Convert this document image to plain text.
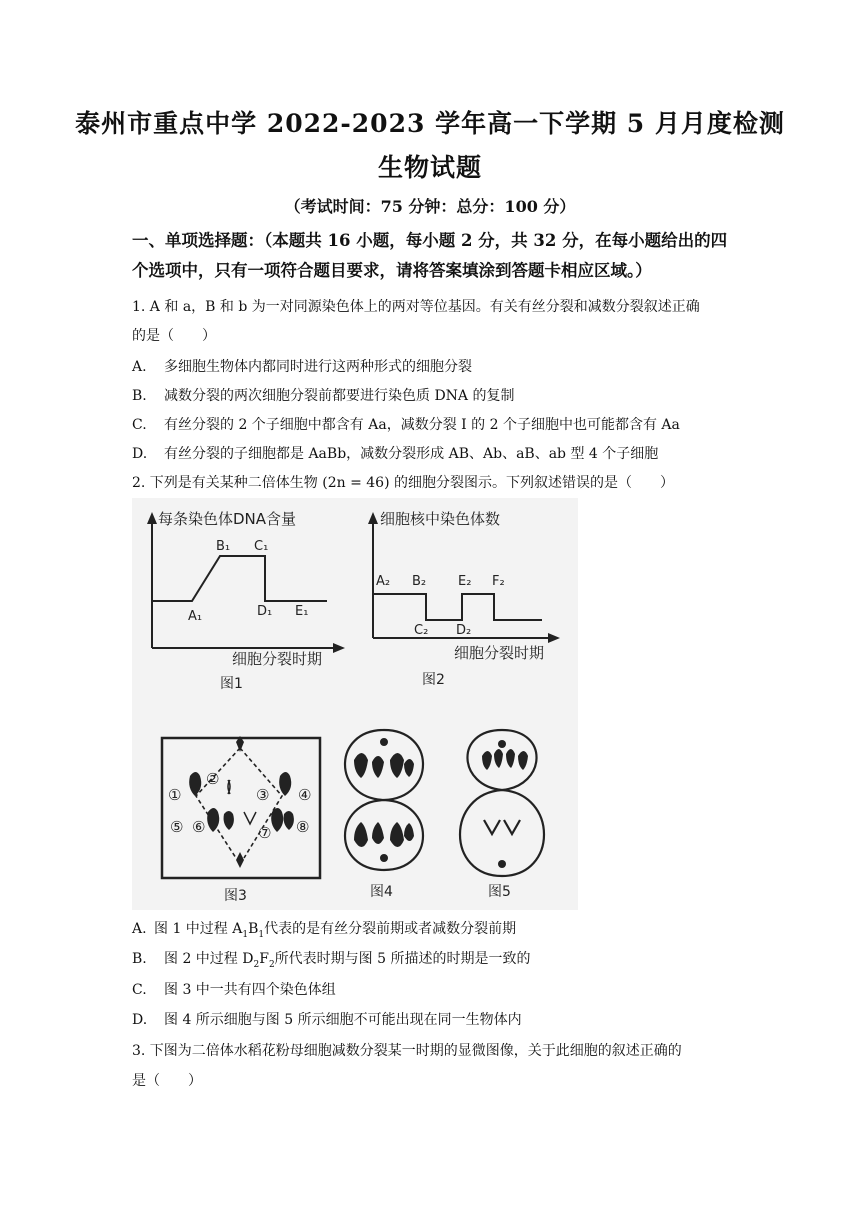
泰州市重点中学 2022-2023 学年高一下学期 5 月月度检测
生物试题
（考试时间：75 分钟：总分：100 分）
一、单项选择题：（本题共 16 小题，每小题 2 分，共 32 分，在每小题给出的四个选项中，只有一项符合题目要求，请将答案填涂到答题卡相应区域。）
1. A 和 a，B 和 b 为一对同源染色体上的两对等位基因。有关有丝分裂和减数分裂叙述正确
的是（　　）
A. 多细胞生物体内都同时进行这两种形式的细胞分裂
B. 减数分裂的两次细胞分裂前都要进行染色质 DNA 的复制
C. 有丝分裂的 2 个子细胞中都含有 Aa，减数分裂 I 的 2 个子细胞中也可能都含有 Aa
D. 有丝分裂的子细胞都是 AaBb，减数分裂形成 AB、Ab、aB、ab 型 4 个子细胞
2. 下列是有关某种二倍体生物 (2n = 46) 的细胞分裂图示。下列叙述错误的是（　　）
每条染色体DNA含量
A₁
B₁ C₁
D₁ E₁
细胞分裂时期
图1
细胞核中染色体数
A₂ B₂
C₂ D₂
E₂ F₂
细胞分裂时期
图2
①
②
③ ④
⑤ ⑥	⑦ ⑧
图3	图4	图5
A. 图 1 中过程 $A_1B_1$代表的是有丝分裂前期或者减数分裂前期
B. 图 2 中过程 $D_2F_2$所代表时期与图 5 所描述的时期是一致的
C. 图 3 中一共有四个染色体组
D. 图 4 所示细胞与图 5 所示细胞不可能出现在同一生物体内
3. 下图为二倍体水稻花粉母细胞减数分裂某一时期的显微图像，关于此细胞的叙述正确的
是（　　）
